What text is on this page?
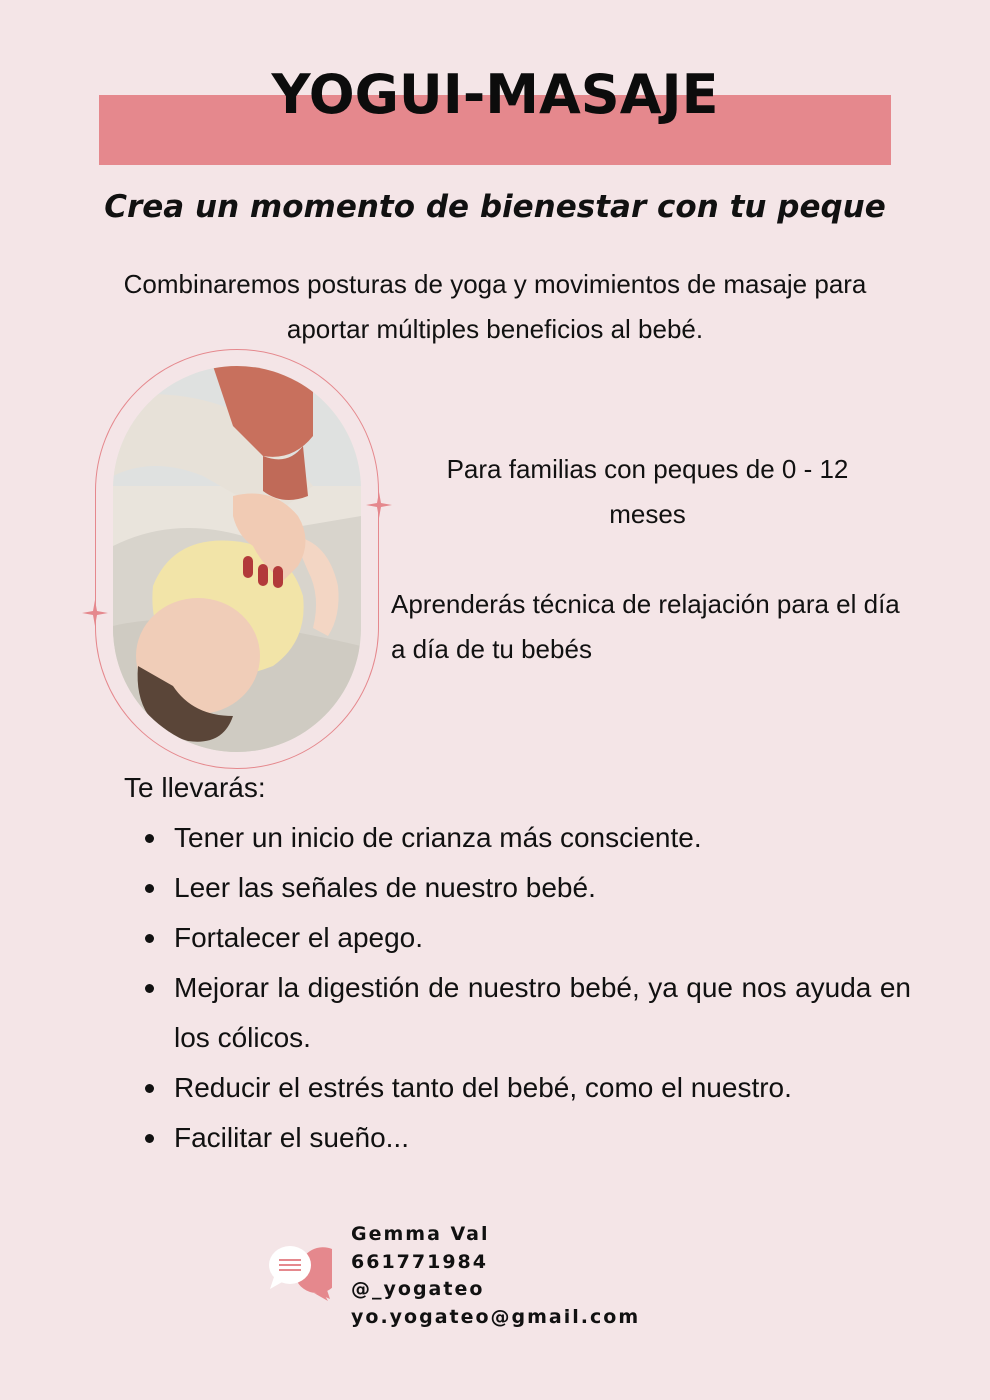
YOGUI-MASAJE
Crea un momento de bienestar con tu peque
Combinaremos posturas de yoga y movimientos de masaje para aportar múltiples beneficios al bebé.
Para familias con peques de 0 - 12 meses
Aprenderás técnica de relajación para el día a día de tu bebés
Te llevarás:
Tener un inicio de crianza más consciente.
Leer las señales de nuestro bebé.
Fortalecer el apego.
Mejorar la digestión de nuestro bebé, ya que nos ayuda en los cólicos.
Reducir el estrés tanto del bebé, como el nuestro.
Facilitar el sueño...
Gemma Val
661771984
@_yogateo
yo.yogateo@gmail.com
